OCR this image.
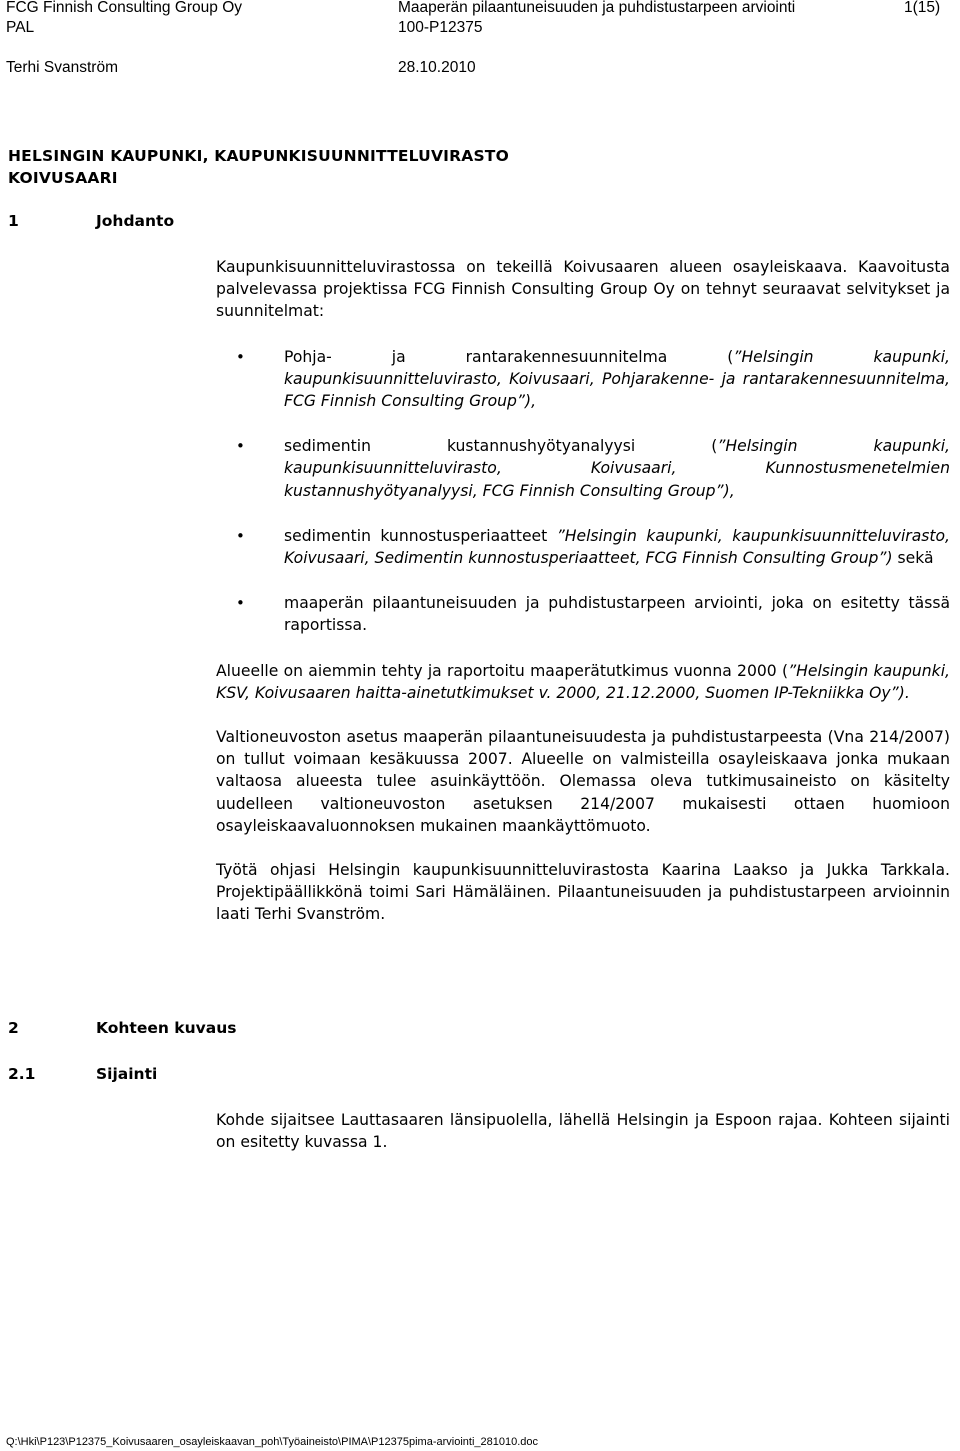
FCG Finnish Consulting Group Oy	Maaperän pilaantuneisuuden ja puhdistustarpeen arviointi	1(15)
PAL	100-P12375
Terhi Svanström	28.10.2010
HELSINGIN KAUPUNKI, KAUPUNKISUUNNITTELUVIRASTO
KOIVUSAARI
1	Johdanto
2	Kohteen kuvaus
2.1	Sijainti

Kaupunkisuunnitteluvirastossa on tekeillä Koivusaaren alueen osayleiskaava. Kaavoitusta palvelevassa projektissa FCG Finnish Consulting Group Oy on tehnyt seuraavat selvitykset ja suunnitelmat:

• Pohja- ja rantarakennesuunnitelma (”Helsingin kaupunki, kaupunkisuunnitteluvirasto, Koivusaari, Pohjarakenne- ja rantarakennesuunnitelma, FCG Finnish Consulting Group”),
• sedimentin kustannushyötyanalyysi (”Helsingin kaupunki, kaupunkisuunnitteluvirasto, Koivusaari, Kunnostusmenetelmien kustannushyötyanalyysi, FCG Finnish Consulting Group”),
• sedimentin kunnostusperiaatteet ”Helsingin kaupunki, kaupunkisuunnitteluvirasto, Koivusaari, Sedimentin kunnostusperiaatteet, FCG Finnish Consulting Group”) sekä
• maaperän pilaantuneisuuden ja puhdistustarpeen arviointi, joka on esitetty tässä raportissa.

Alueelle on aiemmin tehty ja raportoitu maaperätutkimus vuonna 2000 (”Helsingin kaupunki, KSV, Koivusaaren haitta-ainetutkimukset v. 2000, 21.12.2000, Suomen IP-Tekniikka Oy”).

Valtioneuvoston asetus maaperän pilaantuneisuudesta ja puhdistustarpeesta (Vna 214/2007) on tullut voimaan kesäkuussa 2007. Alueelle on valmisteilla osayleiskaava jonka mukaan valtaosa alueesta tulee asuinkäyttöön. Olemassa oleva tutkimusaineisto on käsitelty uudelleen valtioneuvoston asetuksen 214/2007 mukaisesti ottaen huomioon osayleiskaavaluonnoksen mukainen maankäyttömuoto.

Työtä ohjasi Helsingin kaupunkisuunnitteluvirastosta Kaarina Laakso ja Jukka Tarkkala. Projektipäällikkönä toimi Sari Hämäläinen. Pilaantuneisuuden ja puhdistustarpeen arvioinnin laati Terhi Svanström.

Kohde sijaitsee Lauttasaaren länsipuolella, lähellä Helsingin ja Espoon rajaa. Kohteen sijainti on esitetty kuvassa 1.

Q:\Hki\P123\P12375_Koivusaaren_osayleiskaavan_poh\Työaineisto\PIMA\P12375pima-arviointi_281010.doc
